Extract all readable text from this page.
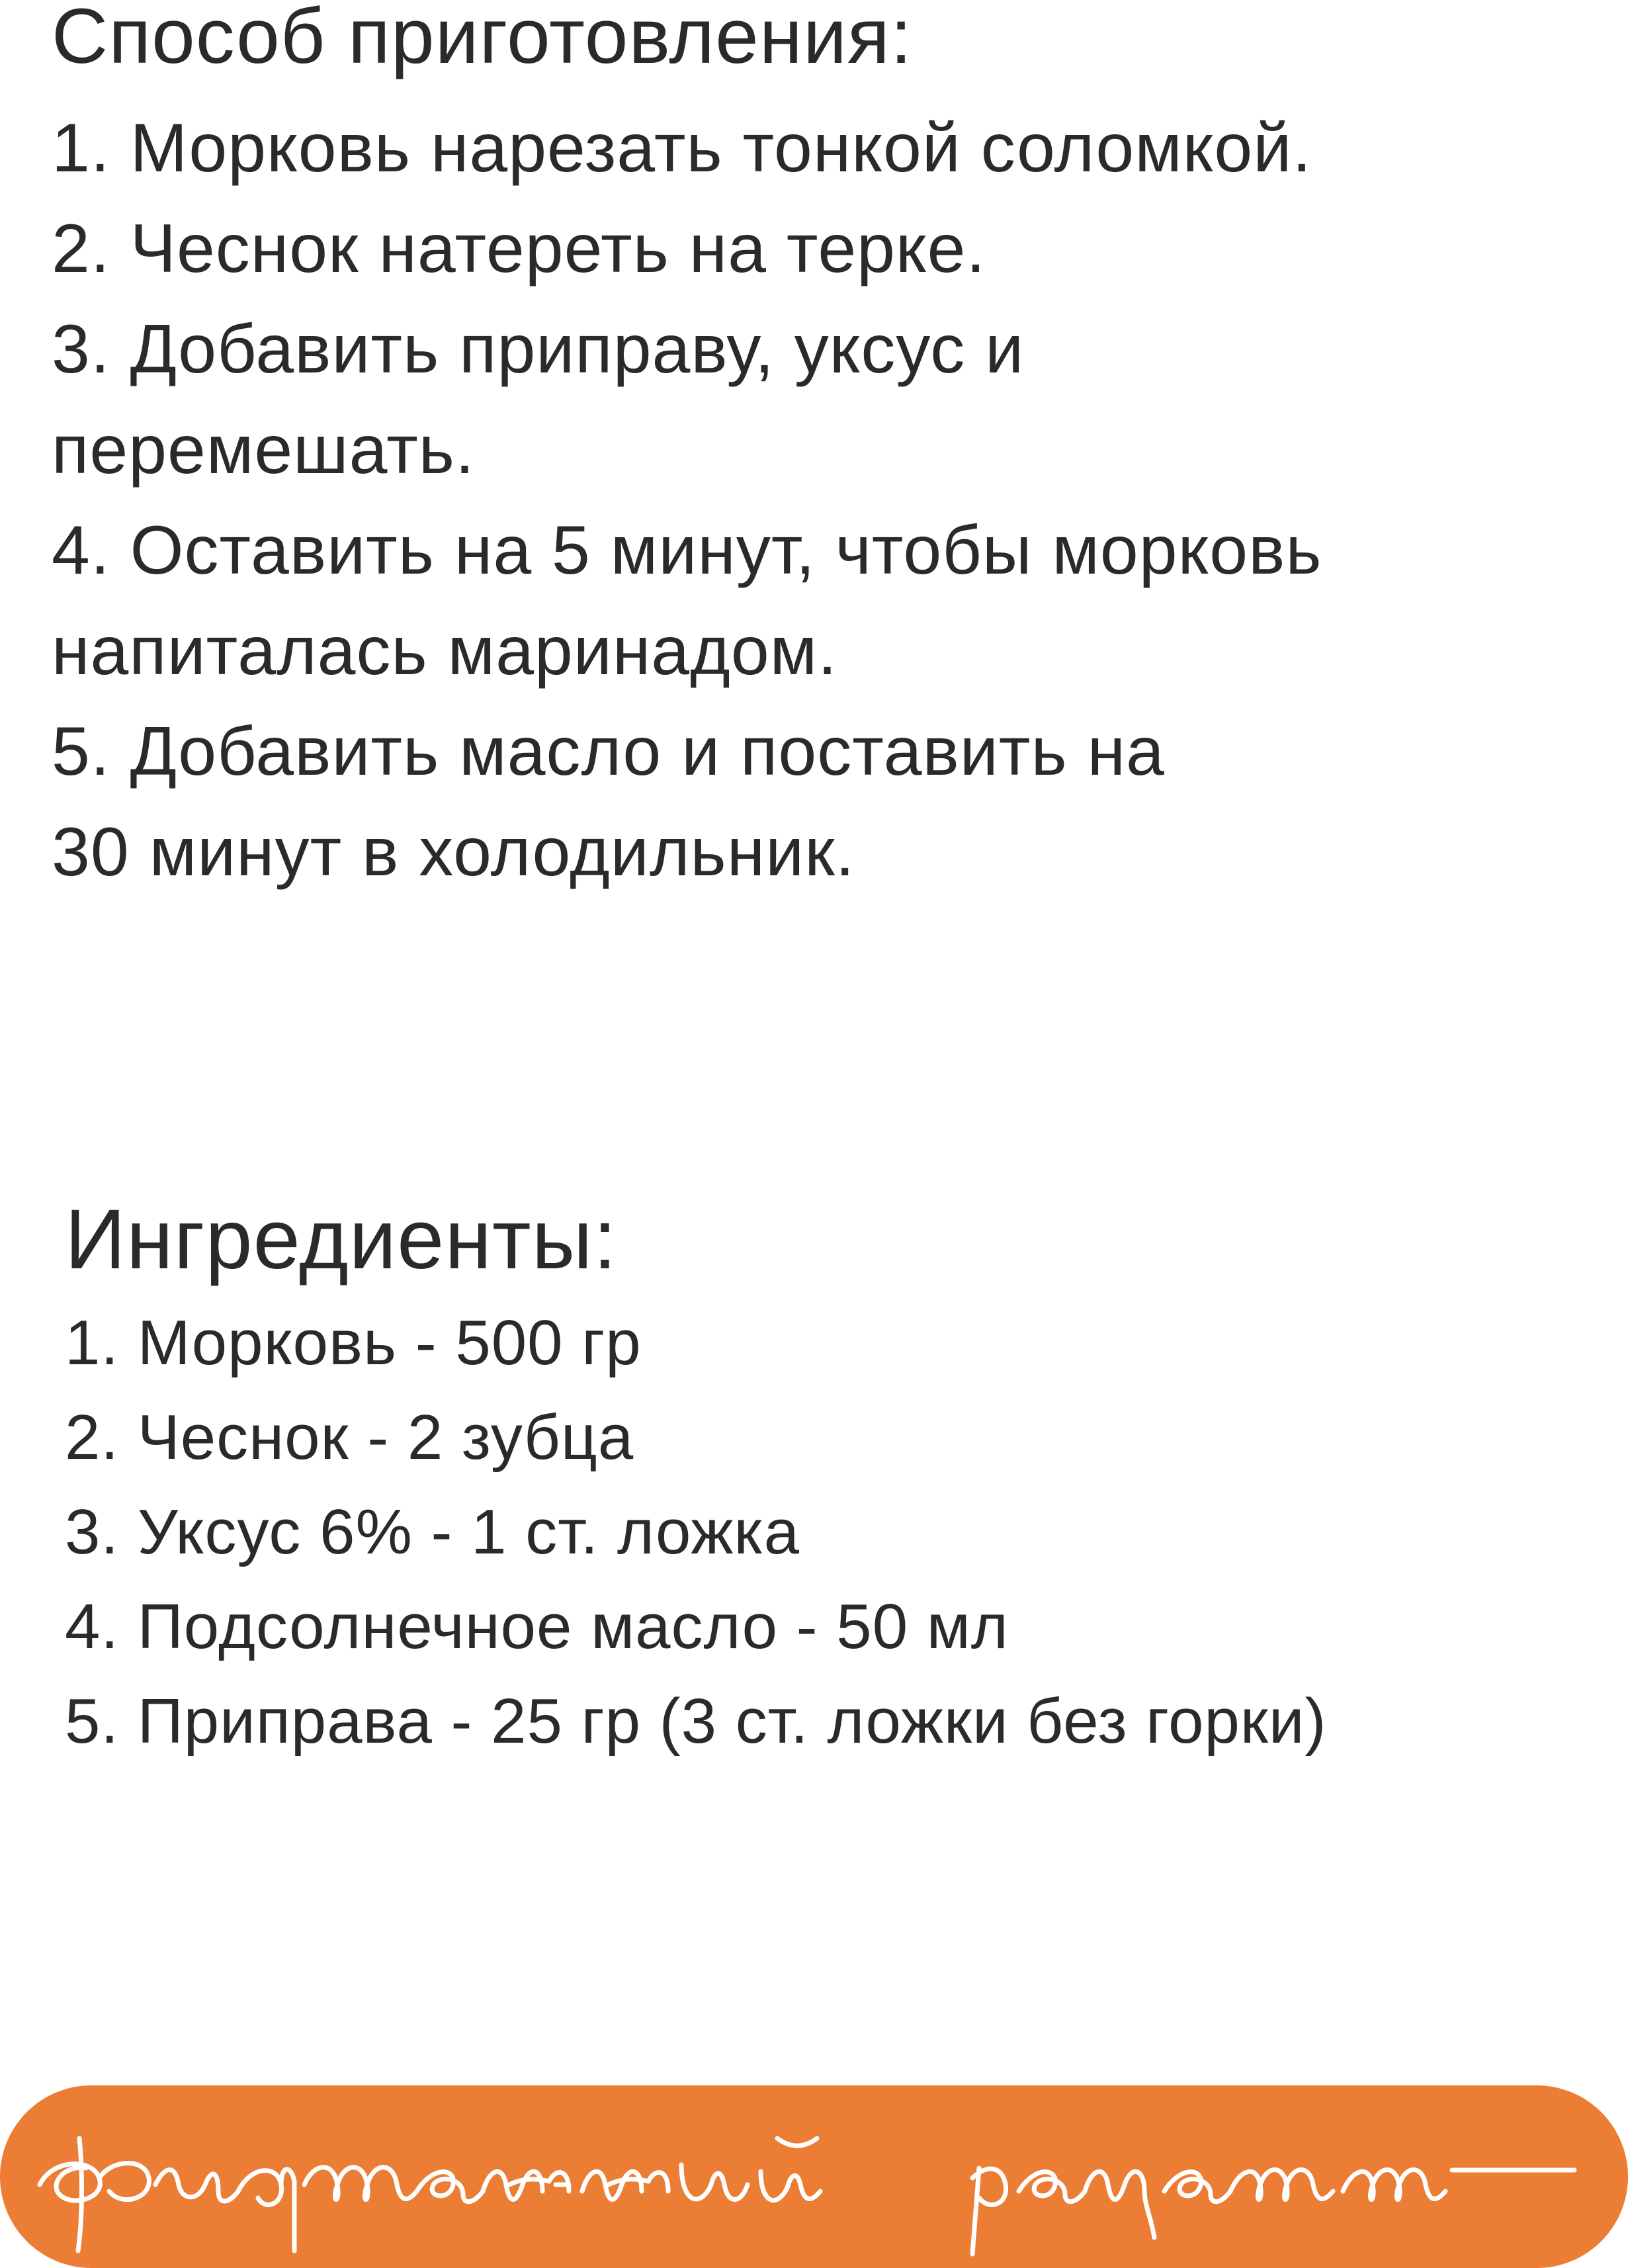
Способ приготовления:
1. Морковь нарезать тонкой соломкой.
2. Чеснок натереть на терке.
3. Добавить приправу, уксус и
перемешать.
4. Оставить на 5 минут, чтобы морковь
напиталась маринадом.
5. Добавить масло и поставить на
30 минут в холодильник.
Ингредиенты:
1. Морковь - 500 гр
2. Чеснок - 2 зубца
3. Уксус 6% - 1 ст. ложка
4. Подсолнечное масло - 50 мл
5. Приправа - 25 гр (3 ст. ложки без горки)
